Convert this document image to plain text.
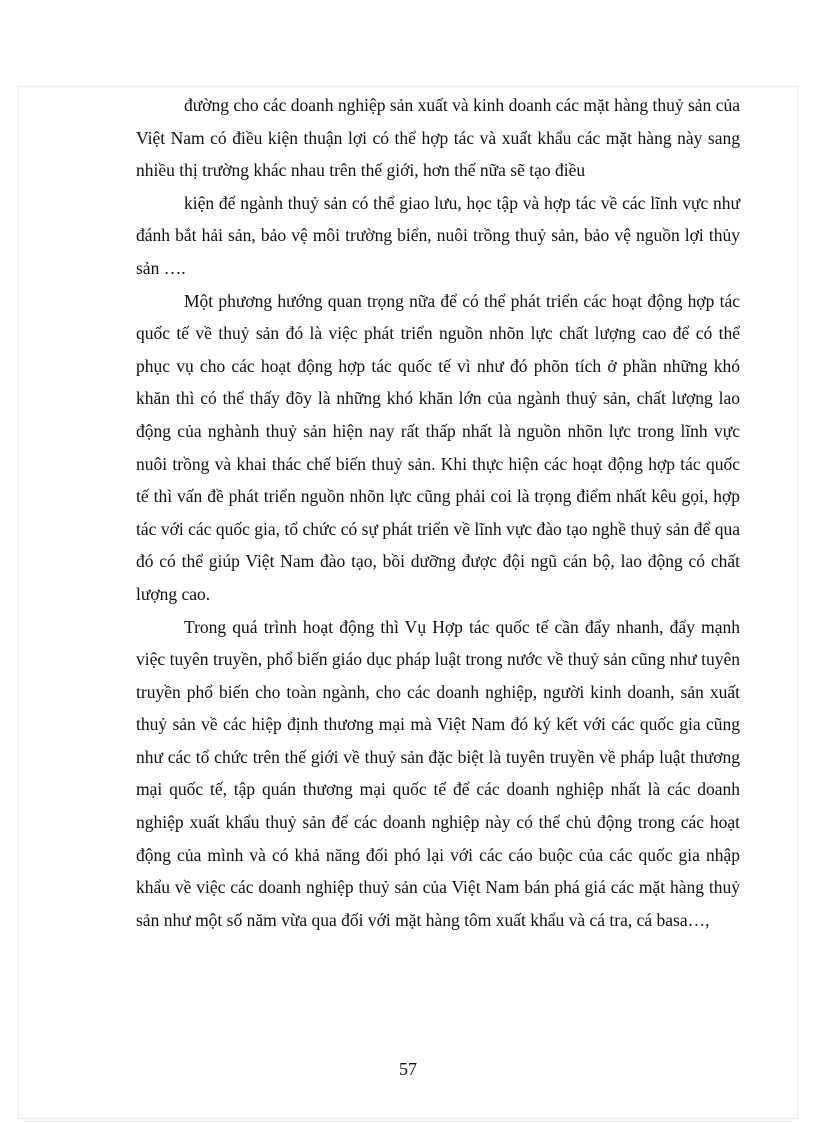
đường cho các doanh nghiệp sản xuất và kinh doanh các mặt hàng thuỷ sản của Việt Nam có điều kiện thuận lợi có thể hợp tác và xuất khẩu các mặt hàng này sang nhiều thị trường khác nhau trên thế giới, hơn thế nữa sẽ tạo điều

kiện để ngành thuỷ sản có thể giao lưu, học tập và hợp tác về các lĩnh vực như đánh bắt hải sản, bảo vệ môi trường biển, nuôi trồng thuỷ sản, bảo vệ nguồn lợi thủy sản ….

Một phương hướng quan trọng nữa để có thể phát triển các hoạt động hợp tác quốc tế về thuỷ sản đó là việc phát triển nguồn nhõn lực chất lượng cao để có thể phục vụ cho các hoạt động hợp tác quốc tế vì như đó phõn tích ở phần những khó khăn thì có thể thấy đõy là những khó khăn lớn của ngành thuỷ sản, chất lượng lao động của nghành thuỷ sản hiện nay rất thấp nhất là nguồn nhõn lực trong lĩnh vực nuôi trồng và khai thác chế biến thuỷ sản. Khi thực hiện các hoạt động hợp tác quốc tế thì vấn đề phát triển nguồn nhõn lực cũng phải coi là trọng điểm nhất kêu gọi, hợp tác với các quốc gia, tổ chức có sự phát triển về lĩnh vực đào tạo nghề thuỷ sản để qua đó có thể giúp Việt Nam đào tạo, bồi dưỡng được đội ngũ cán bộ, lao động có chất lượng cao.

Trong quá trình hoạt động thì Vụ Hợp tác quốc tế cần đẩy nhanh, đẩy mạnh việc tuyên truyền, phổ biến giáo dục pháp luật trong nước về thuỷ sản cũng như tuyên truyền phổ biến cho toàn ngành, cho các doanh nghiệp, người kinh doanh, sản xuất thuỷ sản về các hiệp định thương mại mà Việt Nam đó ký kết với các quốc gia cũng như các tổ chức trên thế giới về thuỷ sản đặc biệt là tuyên truyền về pháp luật thương mại quốc tế, tập quán thương mại quốc tế để các doanh nghiệp nhất là các doanh nghiệp xuất khẩu thuỷ sản để các doanh nghiệp này có thể chủ động trong các hoạt động của mình và có khả năng đối phó lại với các cáo buộc của các quốc gia nhập khẩu về việc các doanh nghiệp thuỷ sản của Việt Nam bán phá giá các mặt hàng thuỷ sản như một số năm vừa qua đối với mặt hàng tôm xuất khẩu và cá tra, cá basa…,

57
